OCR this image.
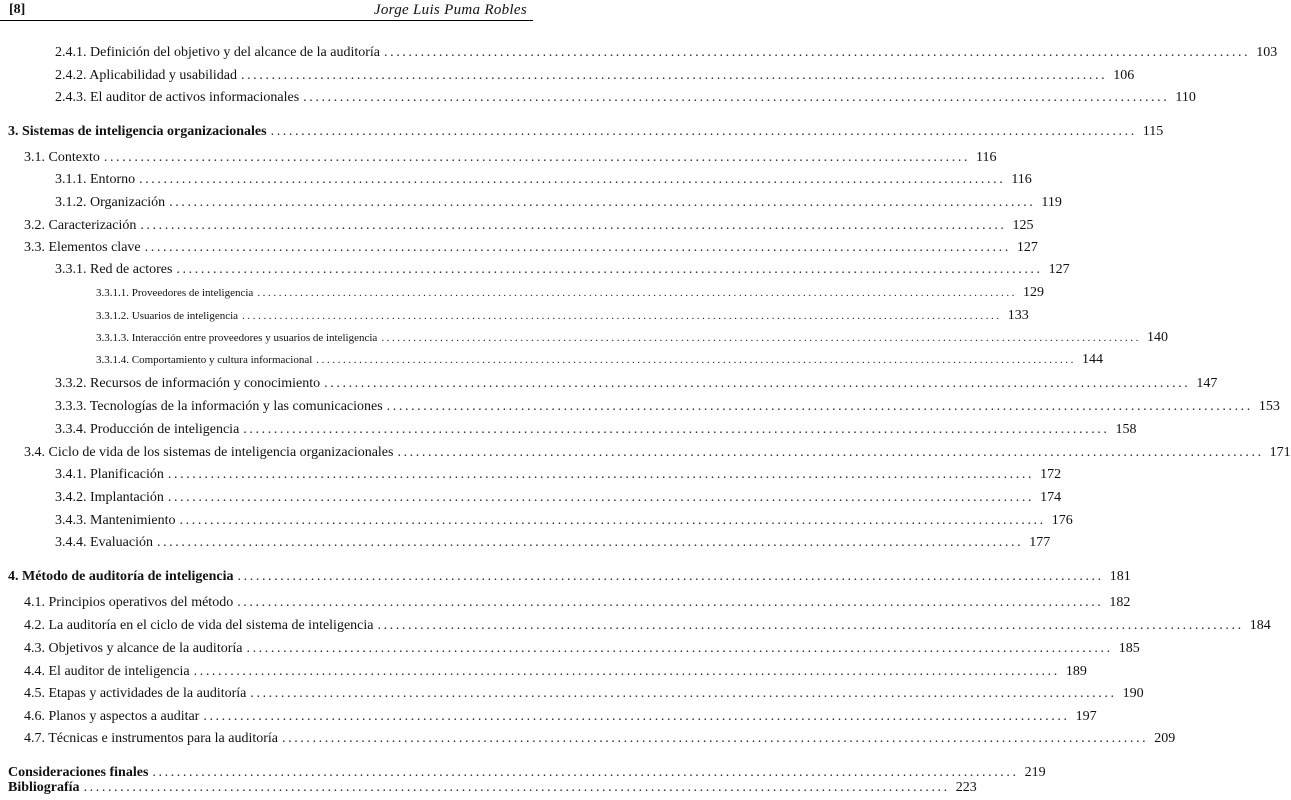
[8]	Jorge Luis Puma Robles
2.4.1. Definición del objetivo y del alcance de la auditoría .............................................................................................................................................. 103
2.4.2. Aplicabilidad y usabilidad .............................................................................................................................................. 106
2.4.3. El auditor de activos informacionales .............................................................................................................................................. 110
3. Sistemas de inteligencia organizacionales .............................................................................................................................................. 115
3.1. Contexto .............................................................................................................................................. 116
3.1.1. Entorno .............................................................................................................................................. 116
3.1.2. Organización .............................................................................................................................................. 119
3.2. Caracterización .............................................................................................................................................. 125
3.3. Elementos clave .............................................................................................................................................. 127
3.3.1. Red de actores .............................................................................................................................................. 127
3.3.1.1. Proveedores de inteligencia .............................................................................................................................................. 129
3.3.1.2. Usuarios de inteligencia .............................................................................................................................................. 133
3.3.1.3. Interacción entre proveedores y usuarios de inteligencia .............................................................................................................................................. 140
3.3.1.4. Comportamiento y cultura informacional .............................................................................................................................................. 144
3.3.2. Recursos de información y conocimiento .............................................................................................................................................. 147
3.3.3. Tecnologías de la información y las comunicaciones .............................................................................................................................................. 153
3.3.4. Producción de inteligencia .............................................................................................................................................. 158
3.4. Ciclo de vida de los sistemas de inteligencia organizacionales .............................................................................................................................................. 171
3.4.1. Planificación .............................................................................................................................................. 172
3.4.2. Implantación .............................................................................................................................................. 174
3.4.3. Mantenimiento .............................................................................................................................................. 176
3.4.4. Evaluación .............................................................................................................................................. 177
4. Método de auditoría de inteligencia .............................................................................................................................................. 181
4.1. Principios operativos del método .............................................................................................................................................. 182
4.2. La auditoría en el ciclo de vida del sistema de inteligencia .............................................................................................................................................. 184
4.3. Objetivos y alcance de la auditoría .............................................................................................................................................. 185
4.4. El auditor de inteligencia .............................................................................................................................................. 189
4.5. Etapas y actividades de la auditoría .............................................................................................................................................. 190
4.6. Planos y aspectos a auditar .............................................................................................................................................. 197
4.7. Técnicas e instrumentos para la auditoría .............................................................................................................................................. 209
Consideraciones finales .............................................................................................................................................. 219
Bibliografía .............................................................................................................................................. 223
